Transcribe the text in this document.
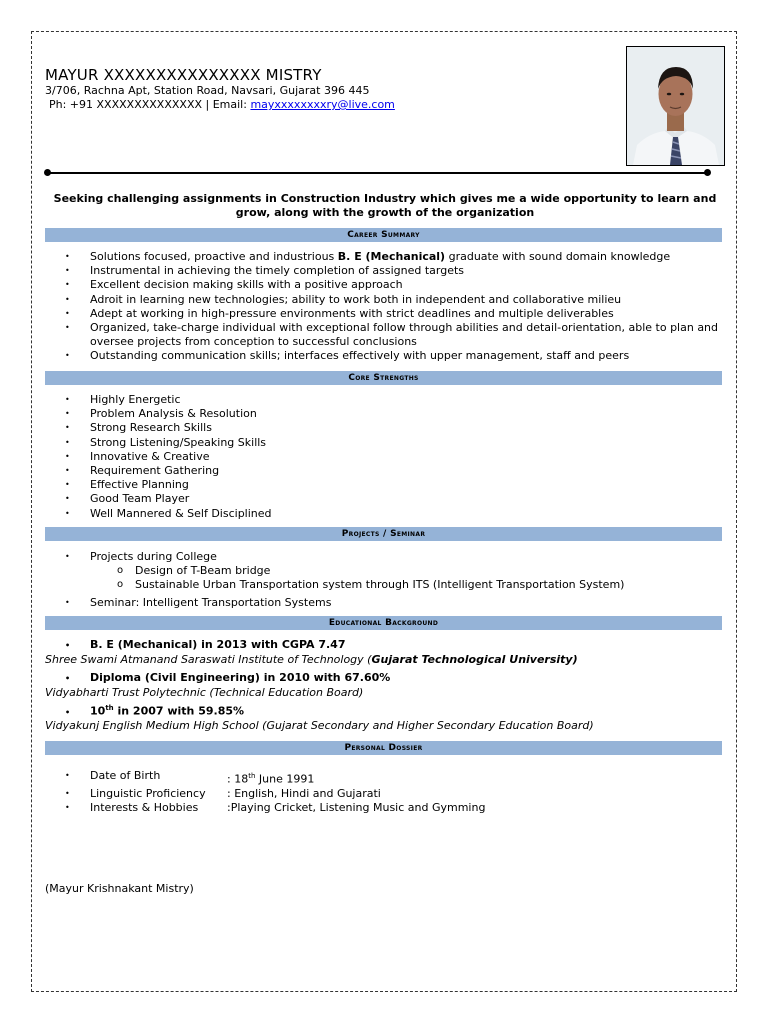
MAYUR XXXXXXXXXXXXXXX MISTRY
3/706, Rachna Apt, Station Road, Navsari, Gujarat 396 445
Ph: +91 XXXXXXXXXXXXXX | Email: mayxxxxxxxxry@live.com
Seeking challenging assignments in Construction Industry which gives me a wide opportunity to learn and grow, along with the growth of the organization
Career Summary
• Solutions focused, proactive and industrious B. E (Mechanical) graduate with sound domain knowledge
• Instrumental in achieving the timely completion of assigned targets
• Excellent decision making skills with a positive approach
• Adroit in learning new technologies; ability to work both in independent and collaborative milieu
• Adept at working in high-pressure environments with strict deadlines and multiple deliverables
• Organized, take-charge individual with exceptional follow through abilities and detail-orientation, able to plan and oversee projects from conception to successful conclusions
• Outstanding communication skills; interfaces effectively with upper management, staff and peers
Core Strengths
• Highly Energetic
• Problem Analysis & Resolution
• Strong Research Skills
• Strong Listening/Speaking Skills
• Innovative & Creative
• Requirement Gathering
• Effective Planning
• Good Team Player
• Well Mannered & Self Disciplined
Projects / Seminar
• Projects during College
o Design of T-Beam bridge
o Sustainable Urban Transportation system through ITS (Intelligent Transportation System)
• Seminar: Intelligent Transportation Systems
Educational Background
• B. E (Mechanical) in 2013 with CGPA 7.47
Shree Swami Atmanand Saraswati Institute of Technology (Gujarat Technological University)
• Diploma (Civil Engineering) in 2010 with 67.60%
Vidyabharti Trust Polytechnic (Technical Education Board)
• 10th in 2007 with 59.85%
Vidyakunj English Medium High School (Gujarat Secondary and Higher Secondary Education Board)
Personal Dossier
•	Date of Birth	: 18th June 1991
•	Linguistic Proficiency	: English, Hindi and Gujarati
•	Interests & Hobbies	:Playing Cricket, Listening Music and Gymming
(Mayur Krishnakant Mistry)
